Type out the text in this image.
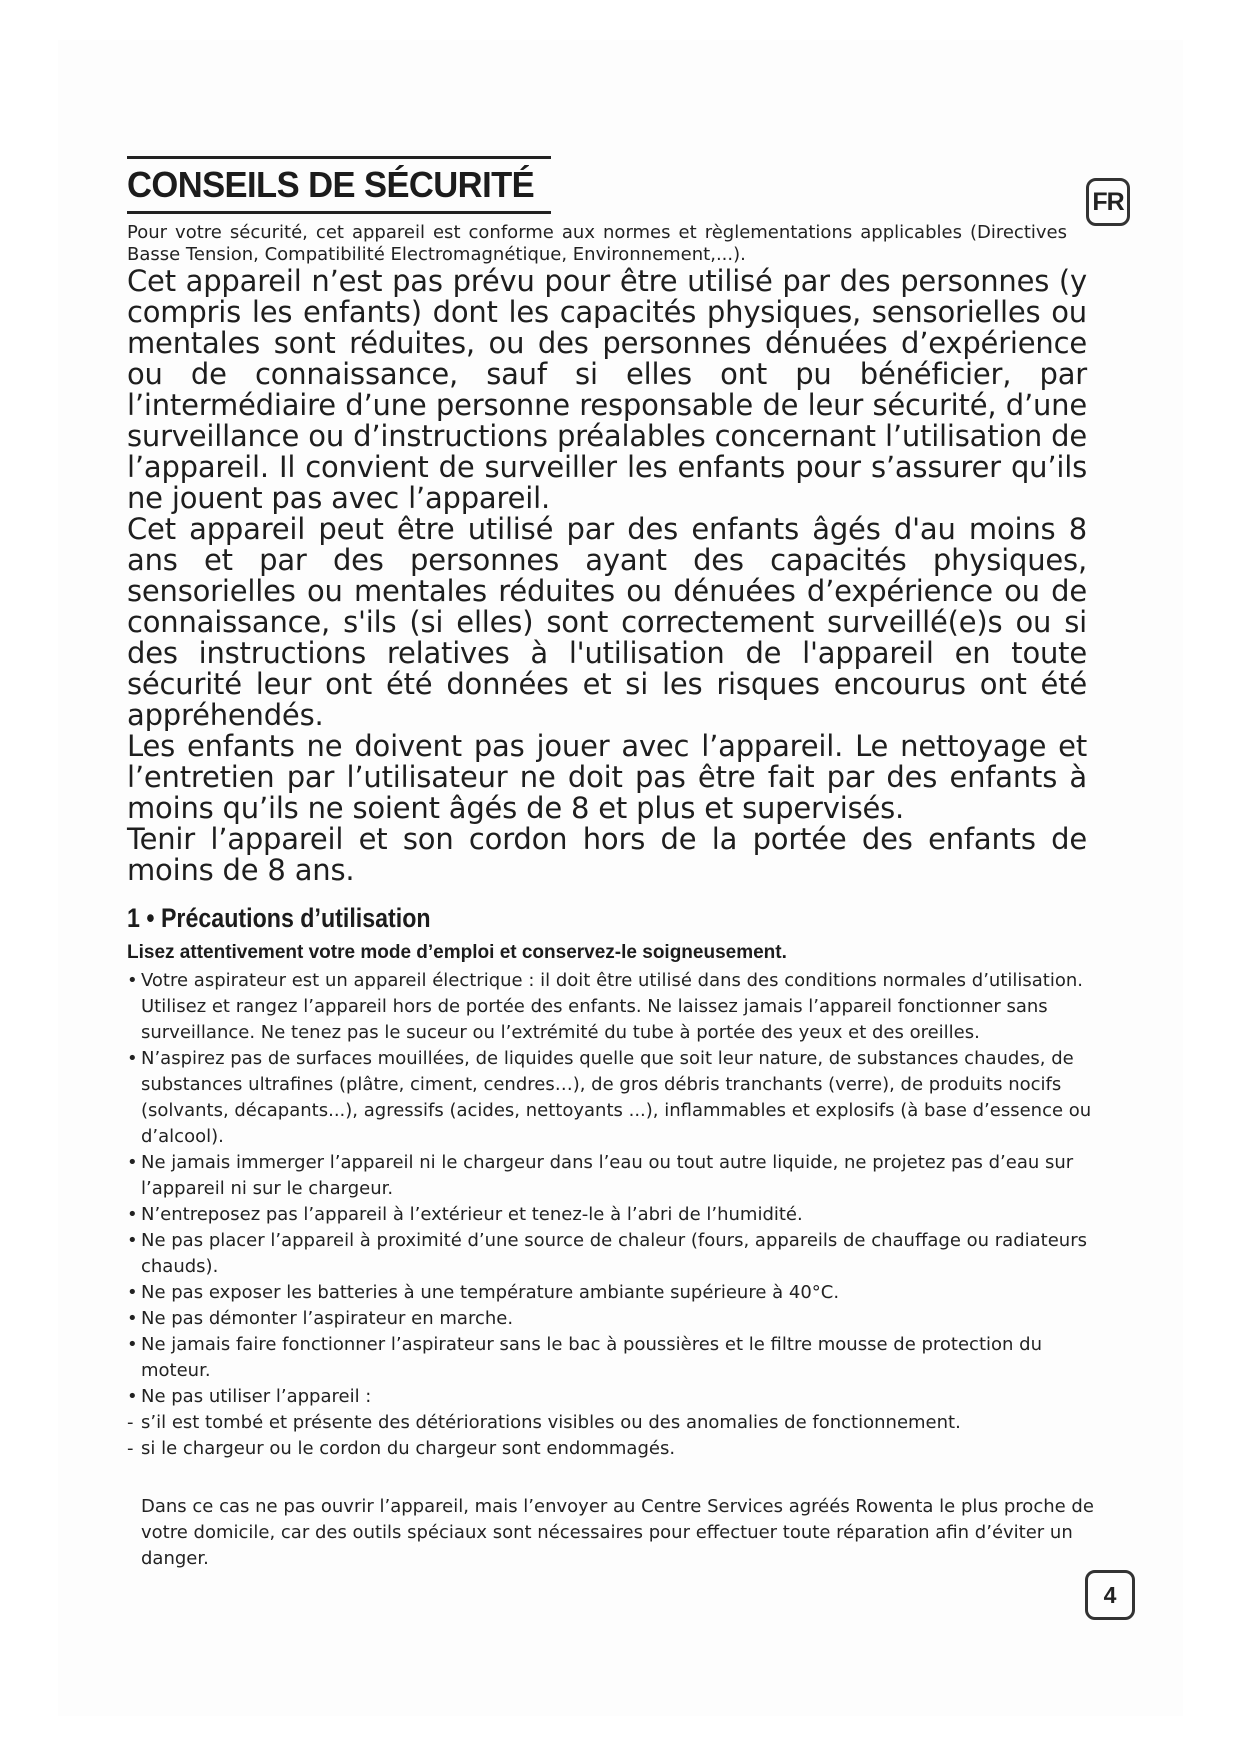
CONSEILS DE SÉCURITÉ	FR

Pour votre sécurité, cet appareil est conforme aux normes et règlementations applicables (Directives Basse Tension, Compatibilité Electromagnétique, Environnement,...).

Cet appareil n’est pas prévu pour être utilisé par des personnes (y compris les enfants) dont les capacités physiques, sensorielles ou mentales sont réduites, ou des personnes dénuées d’expérience ou de connaissance, sauf si elles ont pu bénéficier, par l’intermédiaire d’une personne responsable de leur sécurité, d’une surveillance ou d’instructions préalables concernant l’utilisation de l’appareil. Il convient de surveiller les enfants pour s’assurer qu’ils ne jouent pas avec l’appareil.

Cet appareil peut être utilisé par des enfants âgés d'au moins 8 ans et par des personnes ayant des capacités physiques, sensorielles ou mentales réduites ou dénuées d’expérience ou de connaissance, s'ils (si elles) sont correctement surveillé(e)s ou si des instructions relatives à l'utilisation de l'appareil en toute sécurité leur ont été données et si les risques encourus ont été appréhendés.

Les enfants ne doivent pas jouer avec l’appareil. Le nettoyage et l’entretien par l’utilisateur ne doit pas être fait par des enfants à moins qu’ils ne soient âgés de 8 et plus et supervisés.

Tenir l’appareil et son cordon hors de la portée des enfants de moins de 8 ans.

1 • Précautions d’utilisation

Lisez attentivement votre mode d’emploi et conservez-le soigneusement.

• Votre aspirateur est un appareil électrique : il doit être utilisé dans des conditions normales d’utilisation. Utilisez et rangez l’appareil hors de portée des enfants. Ne laissez jamais l’appareil fonctionner sans surveillance. Ne tenez pas le suceur ou l’extrémité du tube à portée des yeux et des oreilles.
• N’aspirez pas de surfaces mouillées, de liquides quelle que soit leur nature, de substances chaudes, de substances ultrafines (plâtre, ciment, cendres…), de gros débris tranchants (verre), de produits nocifs (solvants, décapants...), agressifs (acides, nettoyants ...), inflammables et explosifs (à base d’essence ou d’alcool).
• Ne jamais immerger l’appareil ni le chargeur dans l’eau ou tout autre liquide, ne projetez pas d’eau sur l’appareil ni sur le chargeur.
• N’entreposez pas l’appareil à l’extérieur et tenez-le à l’abri de l’humidité.
• Ne pas placer l’appareil à proximité d’une source de chaleur (fours, appareils de chauffage ou radiateurs chauds).
• Ne pas exposer les batteries à une température ambiante supérieure à 40°C.
• Ne pas démonter l’aspirateur en marche.
• Ne jamais faire fonctionner l’aspirateur sans le bac à poussières et le filtre mousse de protection du moteur.
• Ne pas utiliser l’appareil :
- s’il est tombé et présente des détériorations visibles ou des anomalies de fonctionnement.
- si le chargeur ou le cordon du chargeur sont endommagés.

Dans ce cas ne pas ouvrir l’appareil, mais l’envoyer au Centre Services agréés Rowenta le plus proche de votre domicile, car des outils spéciaux sont nécessaires pour effectuer toute réparation afin d’éviter un danger.

4
